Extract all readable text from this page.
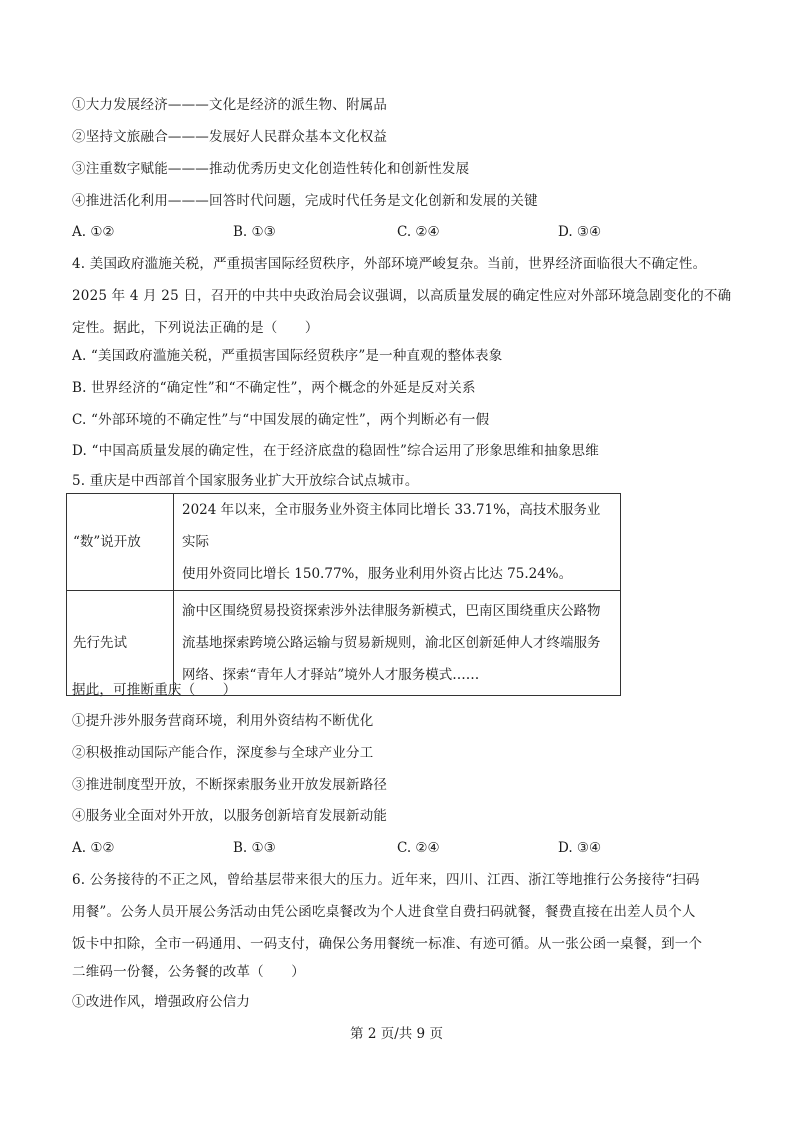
①大力发展经济———文化是经济的派生物、附属品
②坚持文旅融合———发展好人民群众基本文化权益
③注重数字赋能———推动优秀历史文化创造性转化和创新性发展
④推进活化利用———回答时代问题，完成时代任务是文化创新和发展的关键
A. ①②	B. ①③	C. ②④	D. ③④
4. 美国政府滥施关税，严重损害国际经贸秩序，外部环境严峻复杂。当前，世界经济面临很大不确定性。
2025 年 4 月 25 日，召开的中共中央政治局会议强调，以高质量发展的确定性应对外部环境急剧变化的不确
定性。据此，下列说法正确的是（　　）
A. “美国政府滥施关税，严重损害国际经贸秩序”是一种直观的整体表象
B. 世界经济的“确定性”和“不确定性”，两个概念的外延是反对关系
C. “外部环境的不确定性”与“中国发展的确定性”，两个判断必有一假
D. “中国高质量发展的确定性，在于经济底盘的稳固性”综合运用了形象思维和抽象思维
5. 重庆是中西部首个国家服务业扩大开放综合试点城市。
“数”说开放	2024 年以来，全市服务业外资主体同比增长 33.71%，高技术服务业实际
使用外资同比增长 150.77%，服务业利用外资占比达 75.24%。

先行先试	渝中区围绕贸易投资探索涉外法律服务新模式，巴南区围绕重庆公路物
流基地探索跨境公路运输与贸易新规则，渝北区创新延伸人才终端服务
网络、探索“青年人才驿站”境外人才服务模式……
据此，可推断重庆（　　）
①提升涉外服务营商环境，利用外资结构不断优化
②积极推动国际产能合作，深度参与全球产业分工
③推进制度型开放，不断探索服务业开放发展新路径
④服务业全面对外开放，以服务创新培育发展新动能
A. ①②	B. ①③	C. ②④	D. ③④
6. 公务接待的不正之风，曾给基层带来很大的压力。近年来，四川、江西、浙江等地推行公务接待“扫码
用餐”。公务人员开展公务活动由凭公函吃桌餐改为个人进食堂自费扫码就餐，餐费直接在出差人员个人
饭卡中扣除，全市一码通用、一码支付，确保公务用餐统一标准、有迹可循。从一张公函一桌餐，到一个
二维码一份餐，公务餐的改革（　　）
①改进作风，增强政府公信力
第 2 页/共 9 页
